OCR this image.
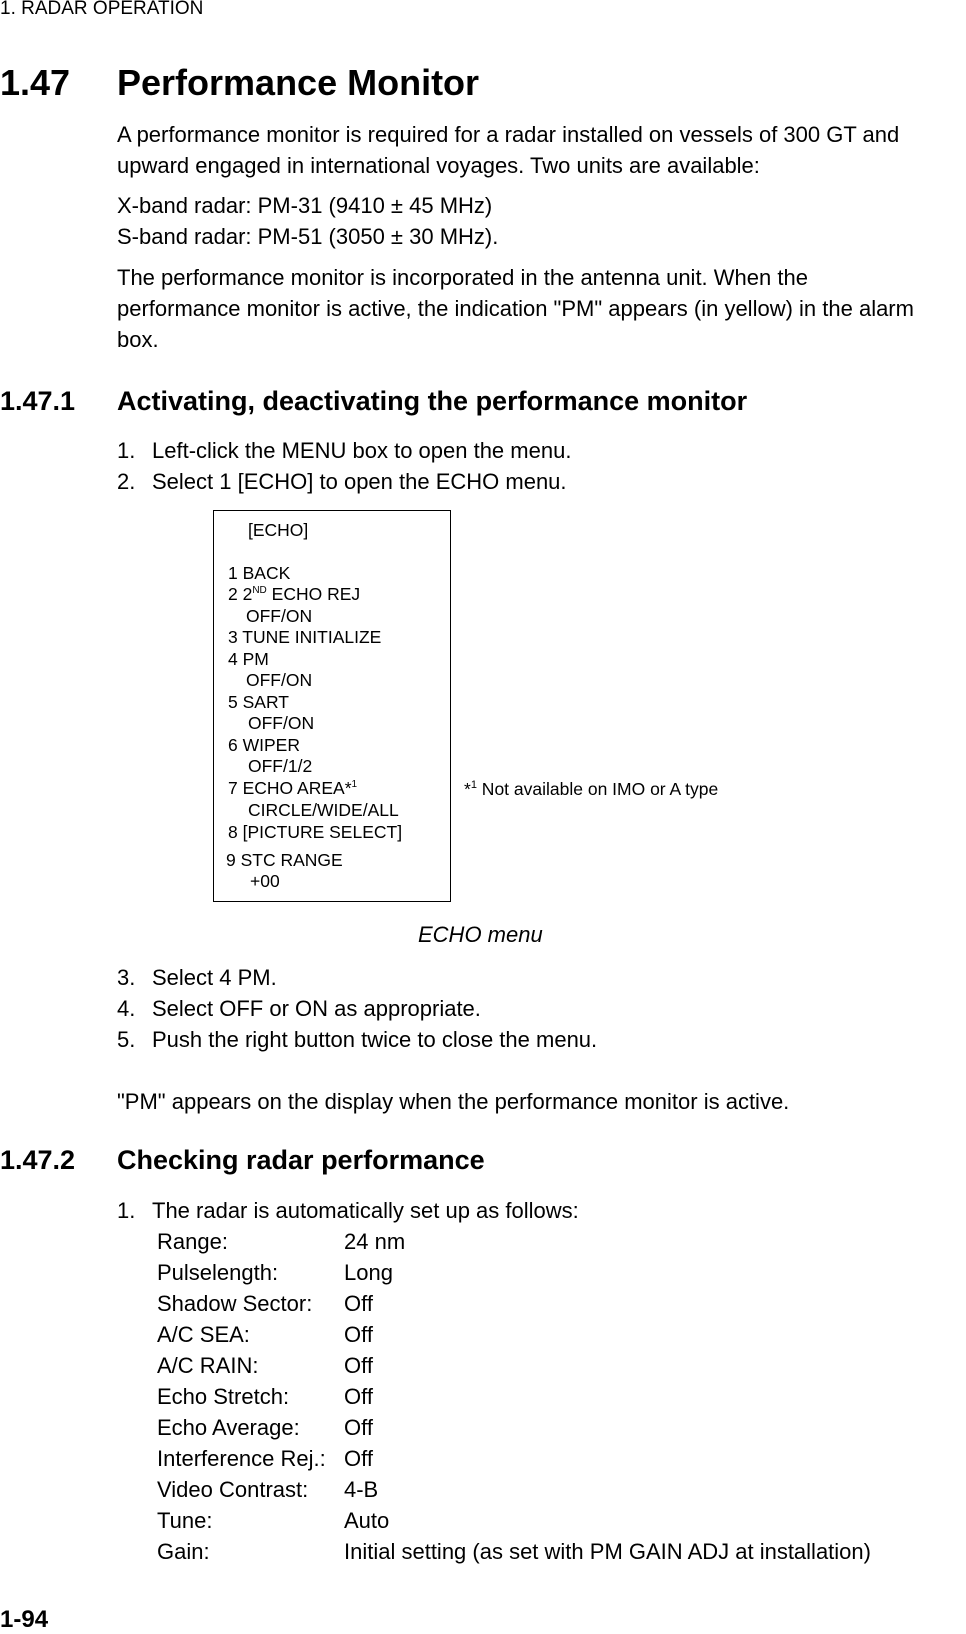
1. RADAR OPERATION
1.47 Performance Monitor
A performance monitor is required for a radar installed on vessels of 300 GT and upward engaged in international voyages. Two units are available:
X-band radar: PM-31 (9410 ± 45 MHz)
S-band radar: PM-51 (3050 ± 30 MHz).
The performance monitor is incorporated in the antenna unit. When the performance monitor is active, the indication "PM" appears (in yellow) in the alarm box.
1.47.1 Activating, deactivating the performance monitor
1. Left-click the MENU box to open the menu.
2. Select 1 [ECHO] to open the ECHO menu.
[ECHO]
1 BACK
2 2ND ECHO REJ
OFF/ON
3 TUNE INITIALIZE
4 PM
OFF/ON
5 SART
OFF/ON
6 WIPER
OFF/1/2
7 ECHO AREA*$^1$
CIRCLE/WIDE/ALL
8 [PICTURE SELECT]
9 STC RANGE
+00
*$^1$ Not available on IMO or A type
ECHO menu
3. Select 4 PM.
4. Select OFF or ON as appropriate.
5. Push the right button twice to close the menu.
"PM" appears on the display when the performance monitor is active.
1.47.2 Checking radar performance
1. The radar is automatically set up as follows:
Range:	24 nm
Pulselength:	Long
Shadow Sector: Off
A/C SEA:	Off
A/C RAIN:	Off
Echo Stretch: Off
Echo Average: Off
Interference Rej.: Off
Video Contrast: 4-B
Tune:	Auto
Gain:	Initial setting (as set with PM GAIN ADJ at installation)
1-94
